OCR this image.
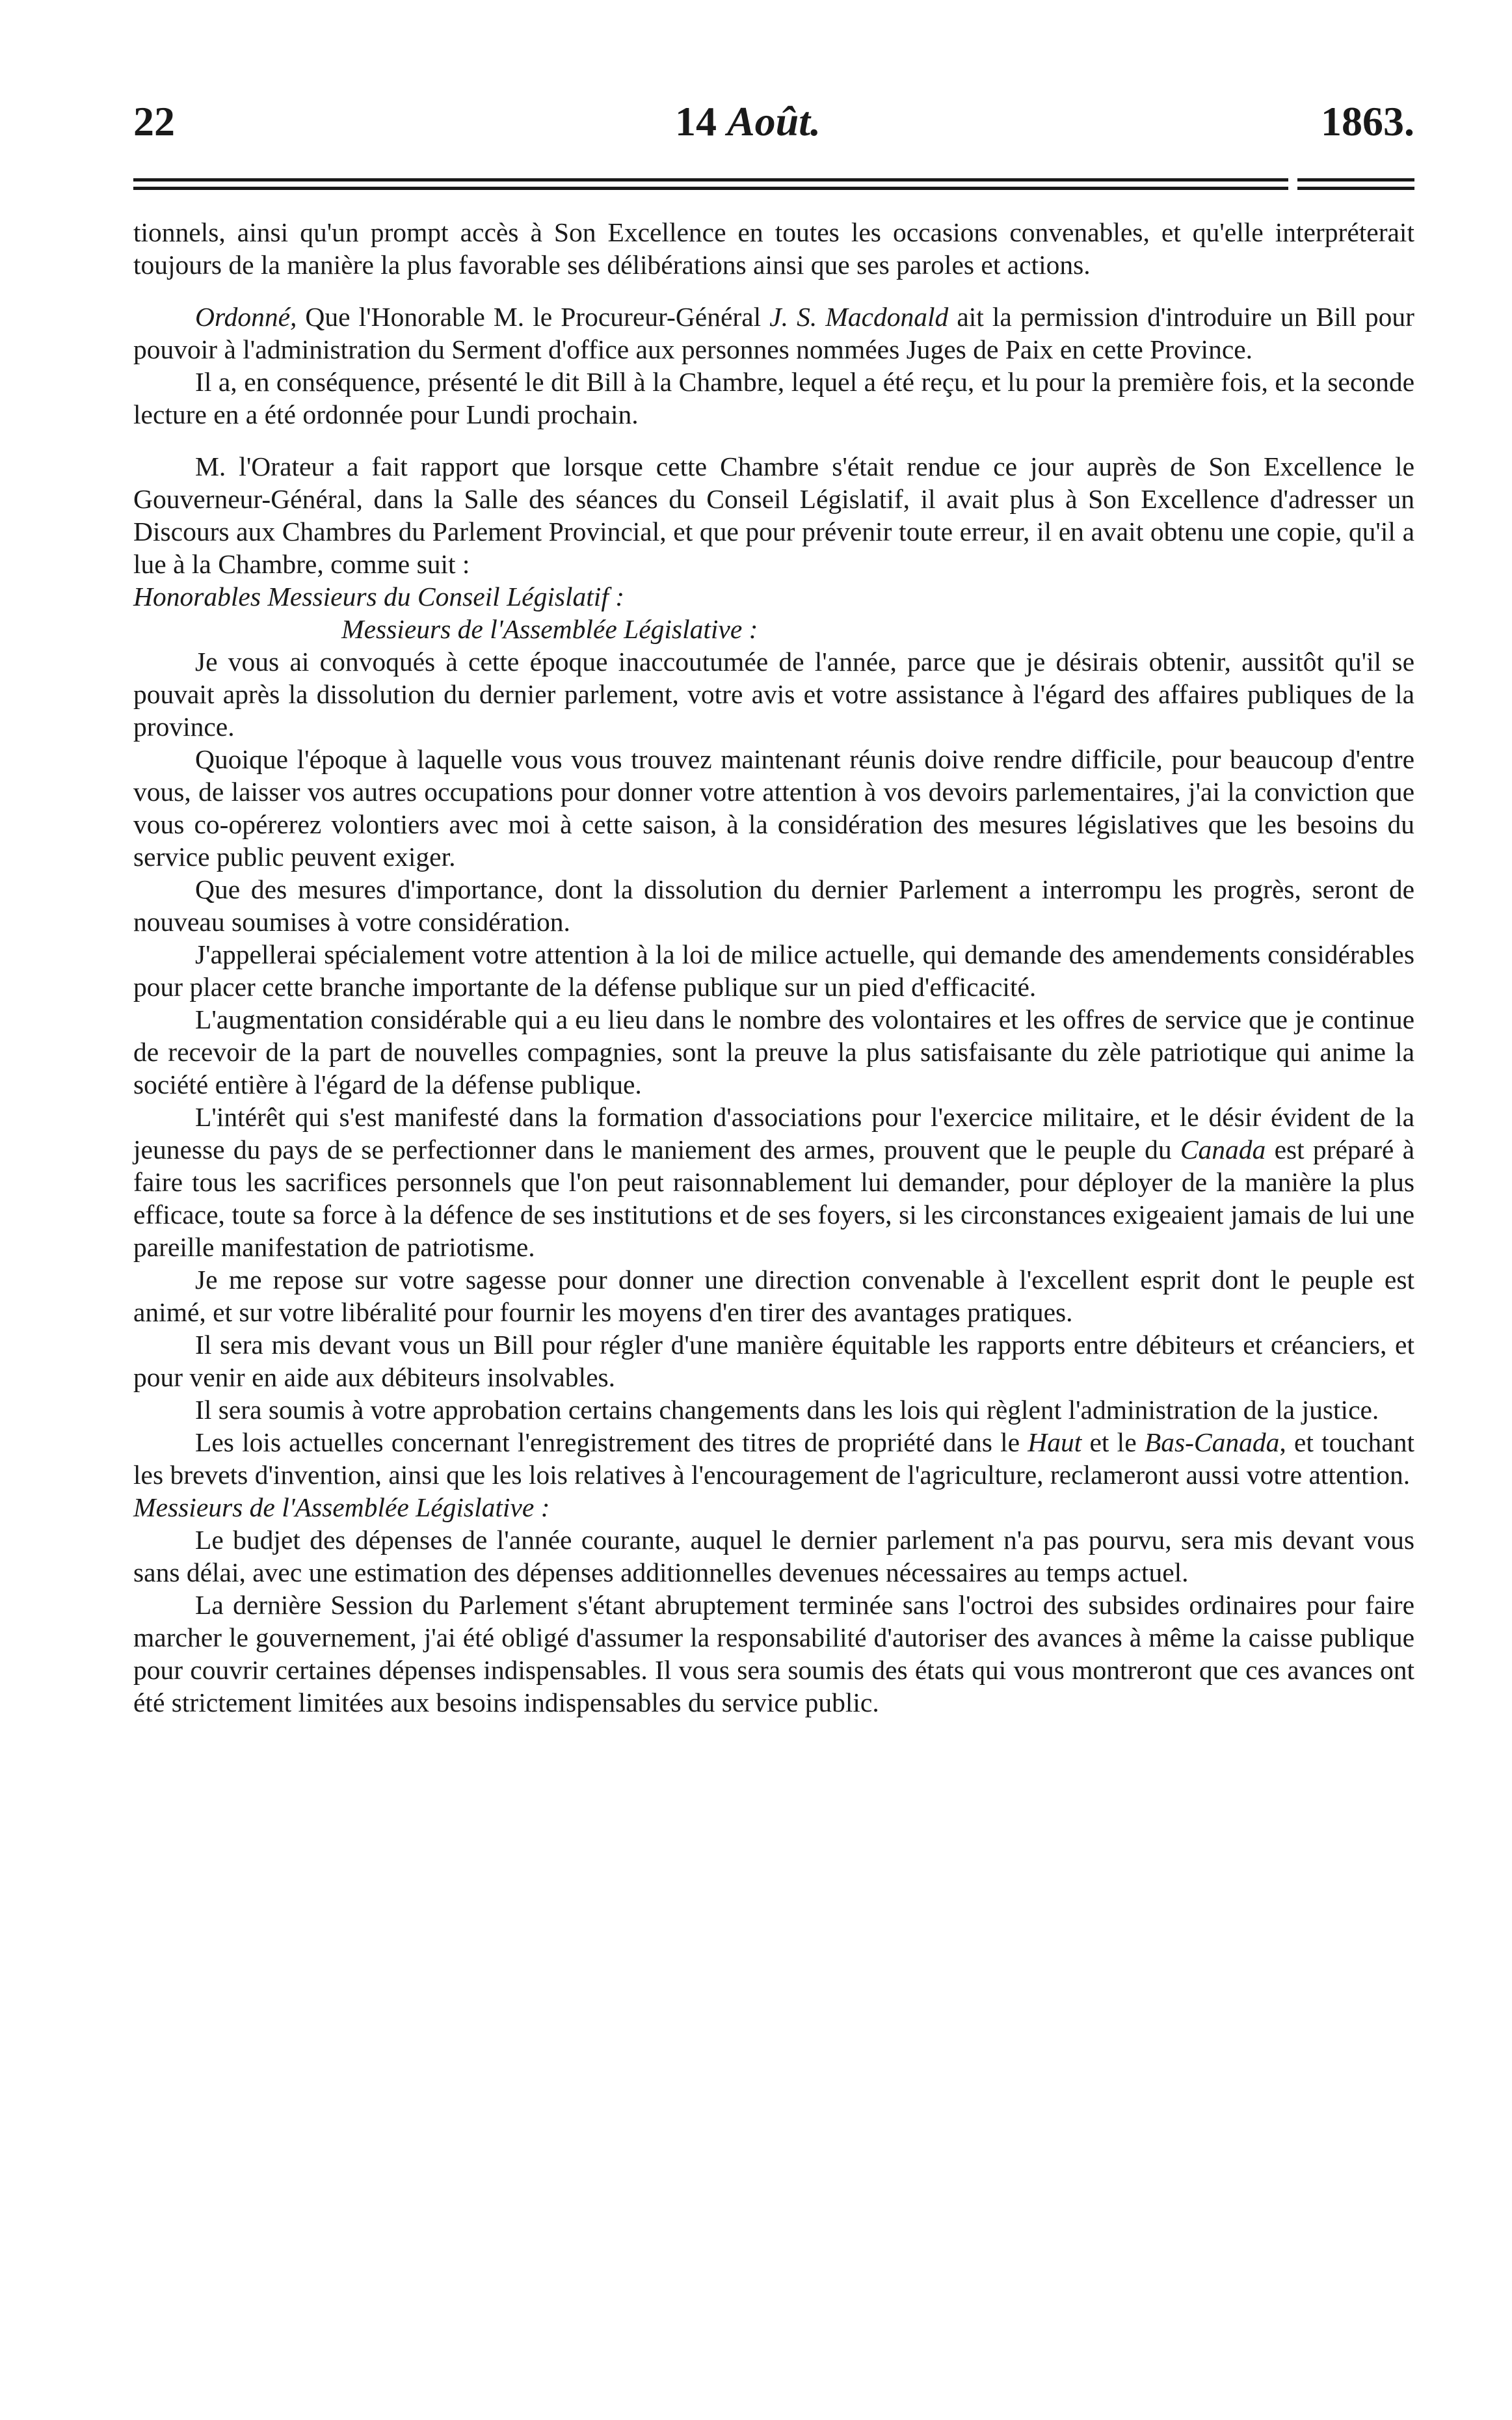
22	14 Août.	1863.

tionnels, ainsi qu'un prompt accès à Son Excellence en toutes les occasions convenables, et qu'elle interpréterait toujours de la manière la plus favorable ses délibérations ainsi que ses paroles et actions.

Ordonné, Que l'Honorable M. le Procureur-Général J. S. Macdonald ait la permission d'introduire un Bill pour pouvoir à l'administration du Serment d'office aux personnes nommées Juges de Paix en cette Province.

Il a, en conséquence, présenté le dit Bill à la Chambre, lequel a été reçu, et lu pour la première fois, et la seconde lecture en a été ordonnée pour Lundi prochain.

M. l'Orateur a fait rapport que lorsque cette Chambre s'était rendue ce jour auprès de Son Excellence le Gouverneur-Général, dans la Salle des séances du Conseil Législatif, il avait plus à Son Excellence d'adresser un Discours aux Chambres du Parlement Provincial, et que pour prévenir toute erreur, il en avait obtenu une copie, qu'il a lue à la Chambre, comme suit :

Honorables Messieurs du Conseil Législatif :

Messieurs de l'Assemblée Législative :

Je vous ai convoqués à cette époque inaccoutumée de l'année, parce que je désirais obtenir, aussitôt qu'il se pouvait après la dissolution du dernier parlement, votre avis et votre assistance à l'égard des affaires publiques de la province.

Quoique l'époque à laquelle vous vous trouvez maintenant réunis doive rendre difficile, pour beaucoup d'entre vous, de laisser vos autres occupations pour donner votre attention à vos devoirs parlementaires, j'ai la conviction que vous co-opérerez volontiers avec moi à cette saison, à la considération des mesures législatives que les besoins du service public peuvent exiger.

Que des mesures d'importance, dont la dissolution du dernier Parlement a interrompu les progrès, seront de nouveau soumises à votre considération.

J'appellerai spécialement votre attention à la loi de milice actuelle, qui demande des amendements considérables pour placer cette branche importante de la défense publique sur un pied d'efficacité.

L'augmentation considérable qui a eu lieu dans le nombre des volontaires et les offres de service que je continue de recevoir de la part de nouvelles compagnies, sont la preuve la plus satisfaisante du zèle patriotique qui anime la société entière à l'égard de la défense publique.

L'intérêt qui s'est manifesté dans la formation d'associations pour l'exercice militaire, et le désir évident de la jeunesse du pays de se perfectionner dans le maniement des armes, prouvent que le peuple du Canada est préparé à faire tous les sacrifices personnels que l'on peut raisonnablement lui demander, pour déployer de la manière la plus efficace, toute sa force à la défence de ses institutions et de ses foyers, si les circonstances exigeaient jamais de lui une pareille manifestation de patriotisme.

Je me repose sur votre sagesse pour donner une direction convenable à l'excellent esprit dont le peuple est animé, et sur votre libéralité pour fournir les moyens d'en tirer des avantages pratiques.

Il sera mis devant vous un Bill pour régler d'une manière équitable les rapports entre débiteurs et créanciers, et pour venir en aide aux débiteurs insolvables.

Il sera soumis à votre approbation certains changements dans les lois qui règlent l'administration de la justice.

Les lois actuelles concernant l'enregistrement des titres de propriété dans le Haut et le Bas-Canada, et touchant les brevets d'invention, ainsi que les lois relatives à l'encouragement de l'agriculture, reclameront aussi votre attention.

Messieurs de l'Assemblée Législative :

Le budjet des dépenses de l'année courante, auquel le dernier parlement n'a pas pourvu, sera mis devant vous sans délai, avec une estimation des dépenses additionnelles devenues nécessaires au temps actuel.

La dernière Session du Parlement s'étant abruptement terminée sans l'octroi des subsides ordinaires pour faire marcher le gouvernement, j'ai été obligé d'assumer la responsabilité d'autoriser des avances à même la caisse publique pour couvrir certaines dépenses indispensables. Il vous sera soumis des états qui vous montreront que ces avances ont été strictement limitées aux besoins indispensables du service public.
